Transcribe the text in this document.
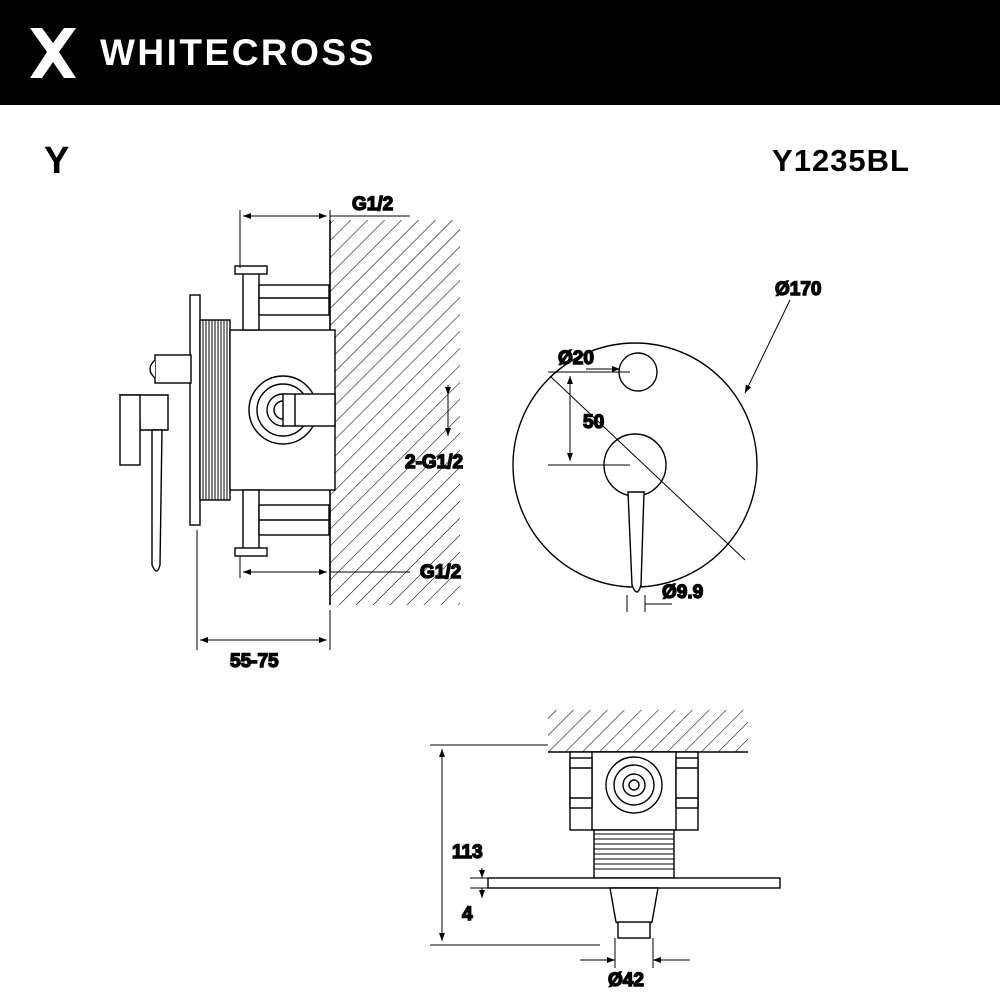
WHITECROSS
Y	Y1235BL
G1/2
G1/2
2-G1/2
55-75
Ø170
Ø20
50
Ø9.9
113
4
Ø42
